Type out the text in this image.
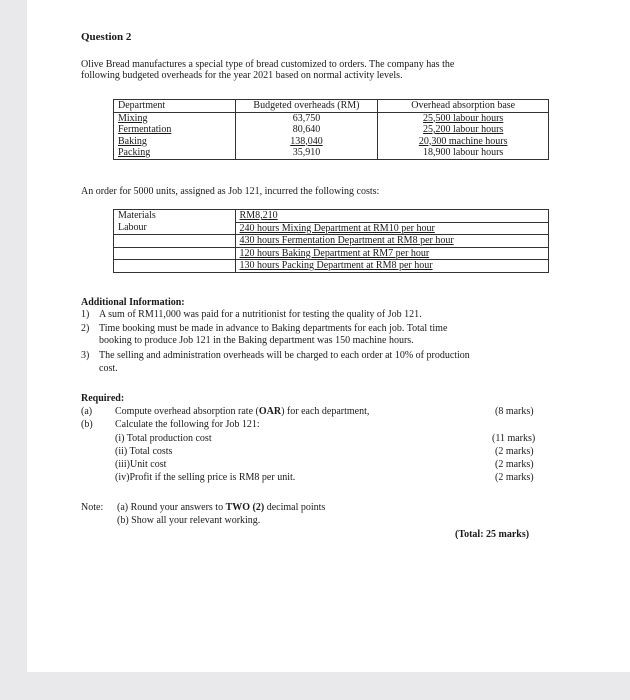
Question 2
Olive Bread manufactures a special type of bread customized to orders. The company has the
following budgeted overheads for the year 2021 based on normal activity levels.
Department	Budgeted overheads (RM)	Overhead absorption base
Mixing	63,750	25,500 labour hours
Fermentation	80,640	25,200 labour hours
Baking	138,040	20,300 machine hours
Packing	35,910	18,900 labour hours
An order for 5000 units, assigned as Job 121, incurred the following costs:
Materials	RM8,210
Labour	240 hours Mixing Department at RM10 per hour
	430 hours Fermentation Department at RM8 per hour
	120 hours Baking Department at RM7 per hour
	130 hours Packing Department at RM8 per hour
Additional Information:
1) A sum of RM11,000 was paid for a nutritionist for testing the quality of Job 121.
2) Time booking must be made in advance to Baking departments for each job. Total time
booking to produce Job 121 in the Baking department was 150 machine hours.
3) The selling and administration overheads will be charged to each order at 10% of production
cost.
Required:
(a) Compute overhead absorption rate (OAR) for each department,	(8 marks)
(b) Calculate the following for Job 121:
(i) Total production cost	(11 marks)
(ii) Total costs	(2 marks)
(iii)Unit cost	(2 marks)
(iv)Profit if the selling price is RM8 per unit.	(2 marks)
Note: (a) Round your answers to TWO (2) decimal points
(b) Show all your relevant working.
(Total: 25 marks)
